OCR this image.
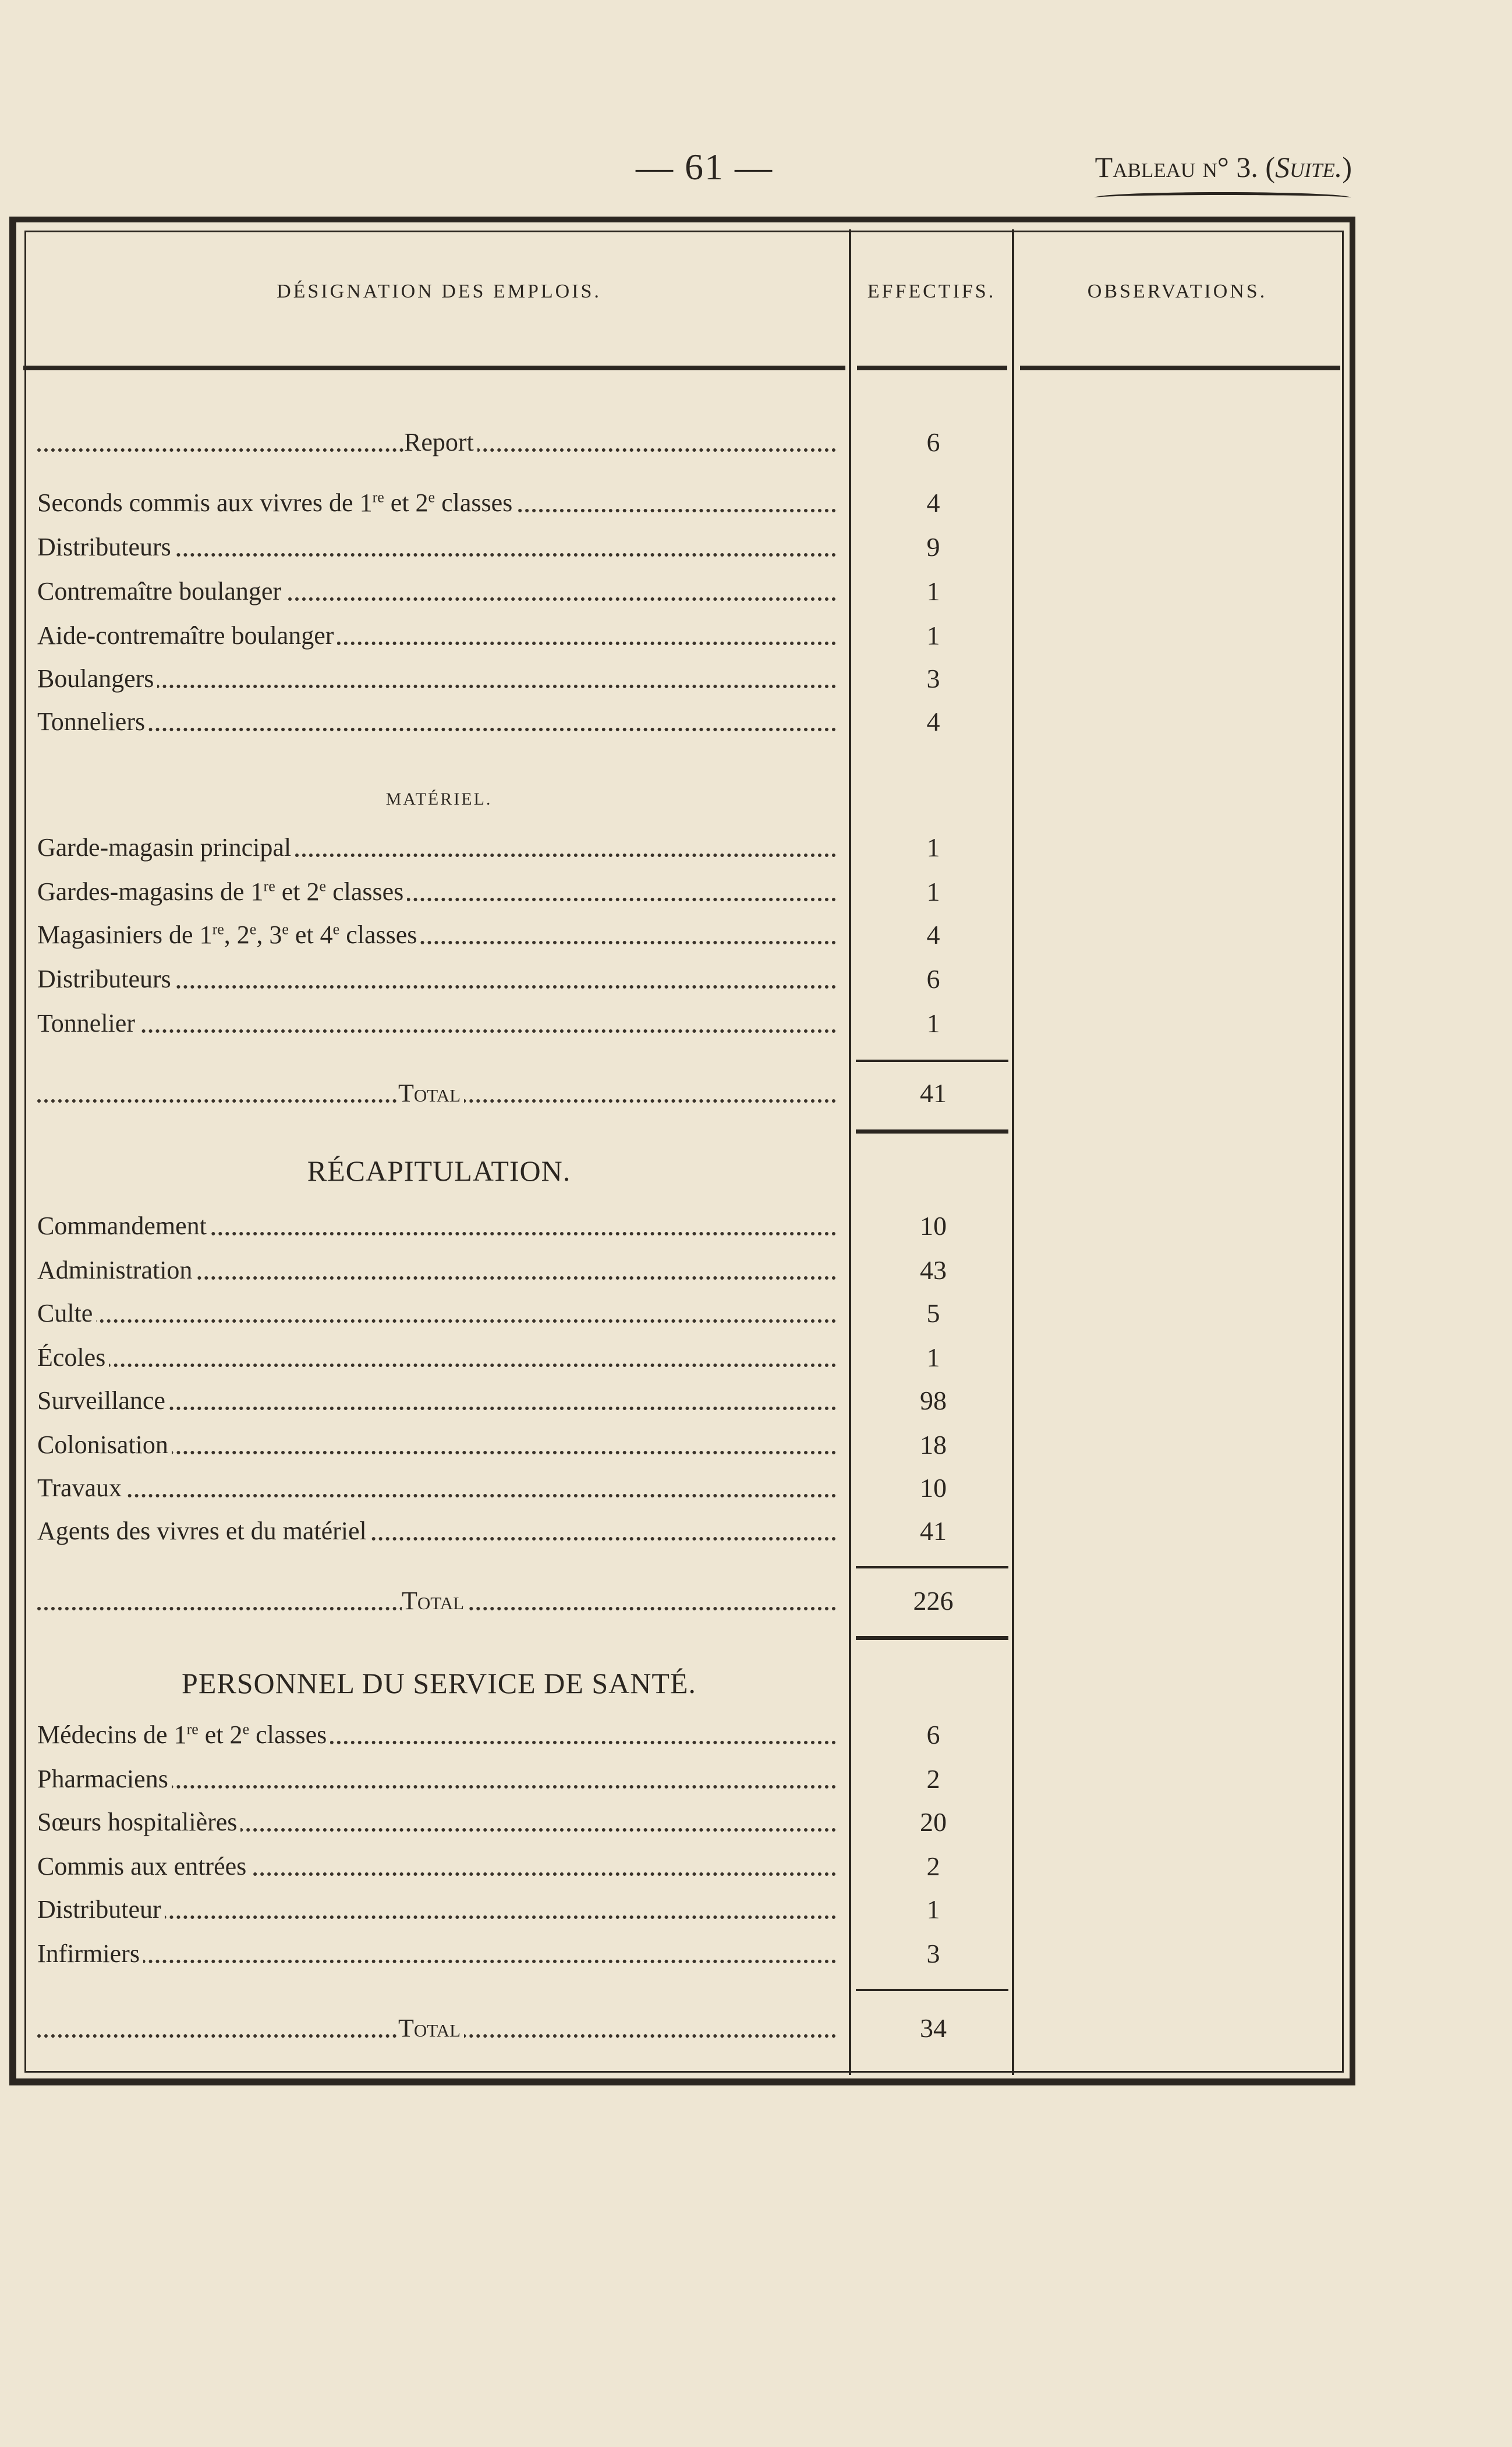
— 61 —	Tableau n° 3. (Suite.)
DÉSIGNATION DES EMPLOIS.	EFFECTIFS.	OBSERVATIONS.
Report	6
Seconds commis aux vivres de 1re et 2e classes	4
Distributeurs	9
Contremaître boulanger	1
Aide-contremaître boulanger	1
Boulangers	3
Tonneliers	4
MATÉRIEL.
Garde-magasin principal	1
Gardes-magasins de 1re et 2e classes	1
Magasiniers de 1re, 2e, 3e et 4e classes	4
Distributeurs	6
Tonnelier	1
Total	41
RÉCAPITULATION.
Commandement	10
Administration	43
Culte	5
Écoles	1
Surveillance	98
Colonisation	18
Travaux	10
Agents des vivres et du matériel	41
Total	226
PERSONNEL DU SERVICE DE SANTÉ.
Médecins de 1re et 2e classes	6
Pharmaciens	2
Sœurs hospitalières	20
Commis aux entrées	2
Distributeur	1
Infirmiers	3
Total	34
